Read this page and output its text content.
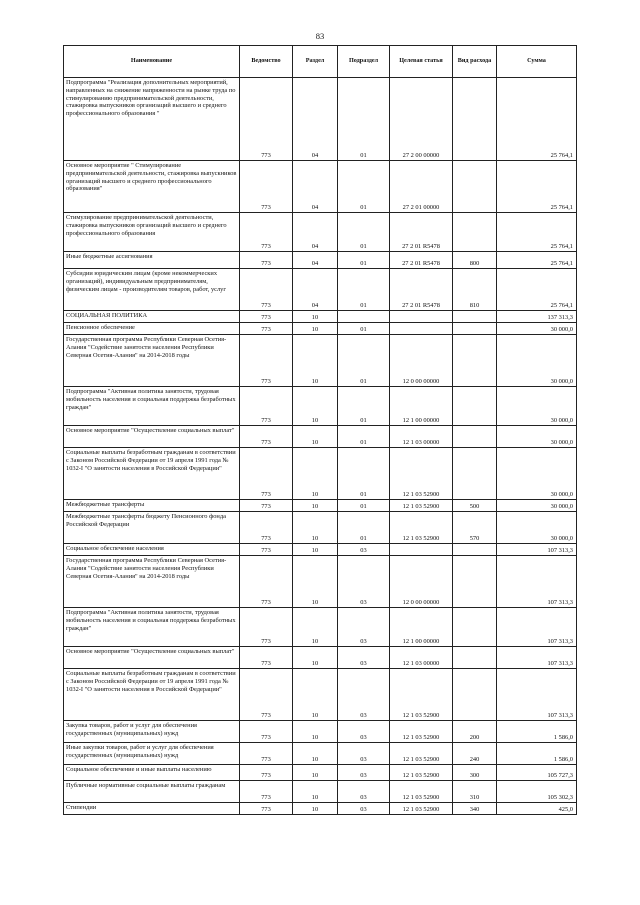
83
Наименование	Ведомство	Раздел	Подраздел	Целевая статья	Вид расхода	Сумма
Подпрограмма "Реализация дополнительных мероприятий, направленных на снижение напряженности на рынке труда по стимулированию предпринимательской деятельности, стажировка выпускников организаций высшего и среднего профессионального образования "	773	04	01	27 2 00 00000		25 764,1
Основное мероприятие " Стимулирование предпринимательской деятельности, стажировка выпускников организаций высшего и среднего профессионального образования"	773	04	01	27 2 01 00000		25 764,1
Стимулирование предпринимательской деятельности, стажировка выпускников организаций высшего и среднего профессионального образования	773	04	01	27 2 01 R5478		25 764,1
Иные бюджетные ассигнования	773	04	01	27 2 01 R5478	800	25 764,1
Субсидии юридическим лицам (кроме некоммерческих организаций), индивидуальным предпринимателям, физическим лицам - производителям товаров, работ, услуг	773	04	01	27 2 01 R5478	810	25 764,1
СОЦИАЛЬНАЯ ПОЛИТИКА	773	10				137 313,3
Пенсионное обеспечение	773	10	01			30 000,0
Государственная программа Республики Северная Осетия-Алания "Содействие занятости населения Республики Северная Осетия-Алания" на 2014-2018 годы	773	10	01	12 0 00 00000		30 000,0
Подпрограмма "Активная политика занятости, трудовая мобильность населения и социальная поддержка безработных граждан"	773	10	01	12 1 00 00000		30 000,0
Основное мероприятие "Осуществление социальных выплат"	773	10	01	12 1 03 00000		30 000,0
Социальные выплаты безработным гражданам в соответствии с Законом Российской Федерации от 19 апреля 1991 года № 1032-I "О занятости населения в Российской Федерации"	773	10	01	12 1 03 52900		30 000,0
Межбюджетные трансферты	773	10	01	12 1 03 52900	500	30 000,0
Межбюджетные трансферты бюджету Пенсионного фонда Российской Федерации	773	10	01	12 1 03 52900	570	30 000,0
Социальное обеспечение населения	773	10	03			107 313,3
Государственная программа Республики Северная Осетия-Алания "Содействие занятости населения Республики Северная Осетия-Алания" на 2014-2018 годы	773	10	03	12 0 00 00000		107 313,3
Подпрограмма "Активная политика занятости, трудовая мобильность населения и социальная поддержка безработных граждан"	773	10	03	12 1 00 00000		107 313,3
Основное мероприятие "Осуществление социальных выплат"	773	10	03	12 1 03 00000		107 313,3
Социальные выплаты безработным гражданам в соответствии с Законом Российской Федерации от 19 апреля 1991 года № 1032-I "О занятости населения в Российской Федерации"	773	10	03	12 1 03 52900		107 313,3
Закупка товаров, работ и услуг для обеспечения государственных (муниципальных) нужд	773	10	03	12 1 03 52900	200	1 586,0
Иные закупки товаров, работ и услуг для обеспечения государственных (муниципальных) нужд	773	10	03	12 1 03 52900	240	1 586,0
Социальное обеспечение и иные выплаты населению	773	10	03	12 1 03 52900	300	105 727,3
Публичные нормативные социальные выплаты гражданам	773	10	03	12 1 03 52900	310	105 302,3
Стипендии	773	10	03	12 1 03 52900	340	425,0
